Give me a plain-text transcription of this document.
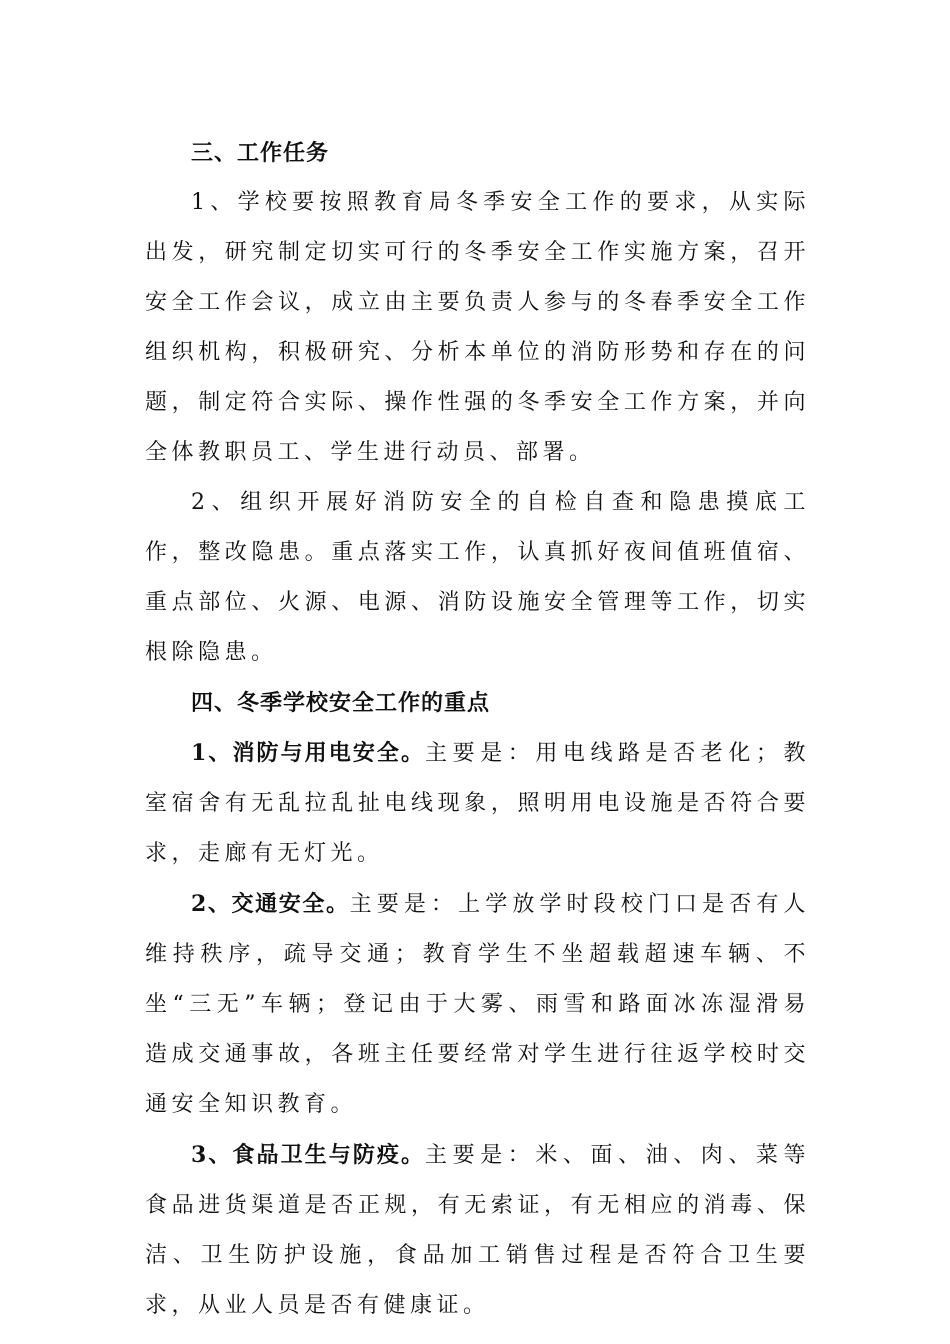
三、工作任务

1、学校要按照教育局冬季安全工作的要求，从实际出发，研究制定切实可行的冬季安全工作实施方案，召开安全工作会议，成立由主要负责人参与的冬春季安全工作组织机构，积极研究、分析本单位的消防形势和存在的问题，制定符合实际、操作性强的冬季安全工作方案，并向全体教职员工、学生进行动员、部署。

2、组织开展好消防安全的自检自查和隐患摸底工作，整改隐患。重点落实工作，认真抓好夜间值班值宿、重点部位、火源、电源、消防设施安全管理等工作，切实根除隐患。

四、冬季学校安全工作的重点

1、消防与用电安全。主要是：用电线路是否老化；教室宿舍有无乱拉乱扯电线现象，照明用电设施是否符合要求，走廊有无灯光。

2、交通安全。主要是：上学放学时段校门口是否有人维持秩序，疏导交通；教育学生不坐超载超速车辆、不坐“三无”车辆；登记由于大雾、雨雪和路面冰冻湿滑易造成交通事故，各班主任要经常对学生进行往返学校时交通安全知识教育。

3、食品卫生与防疫。主要是：米、面、油、肉、菜等食品进货渠道是否正规，有无索证，有无相应的消毒、保洁、卫生防护设施，食品加工销售过程是否符合卫生要求，从业人员是否有健康证。
